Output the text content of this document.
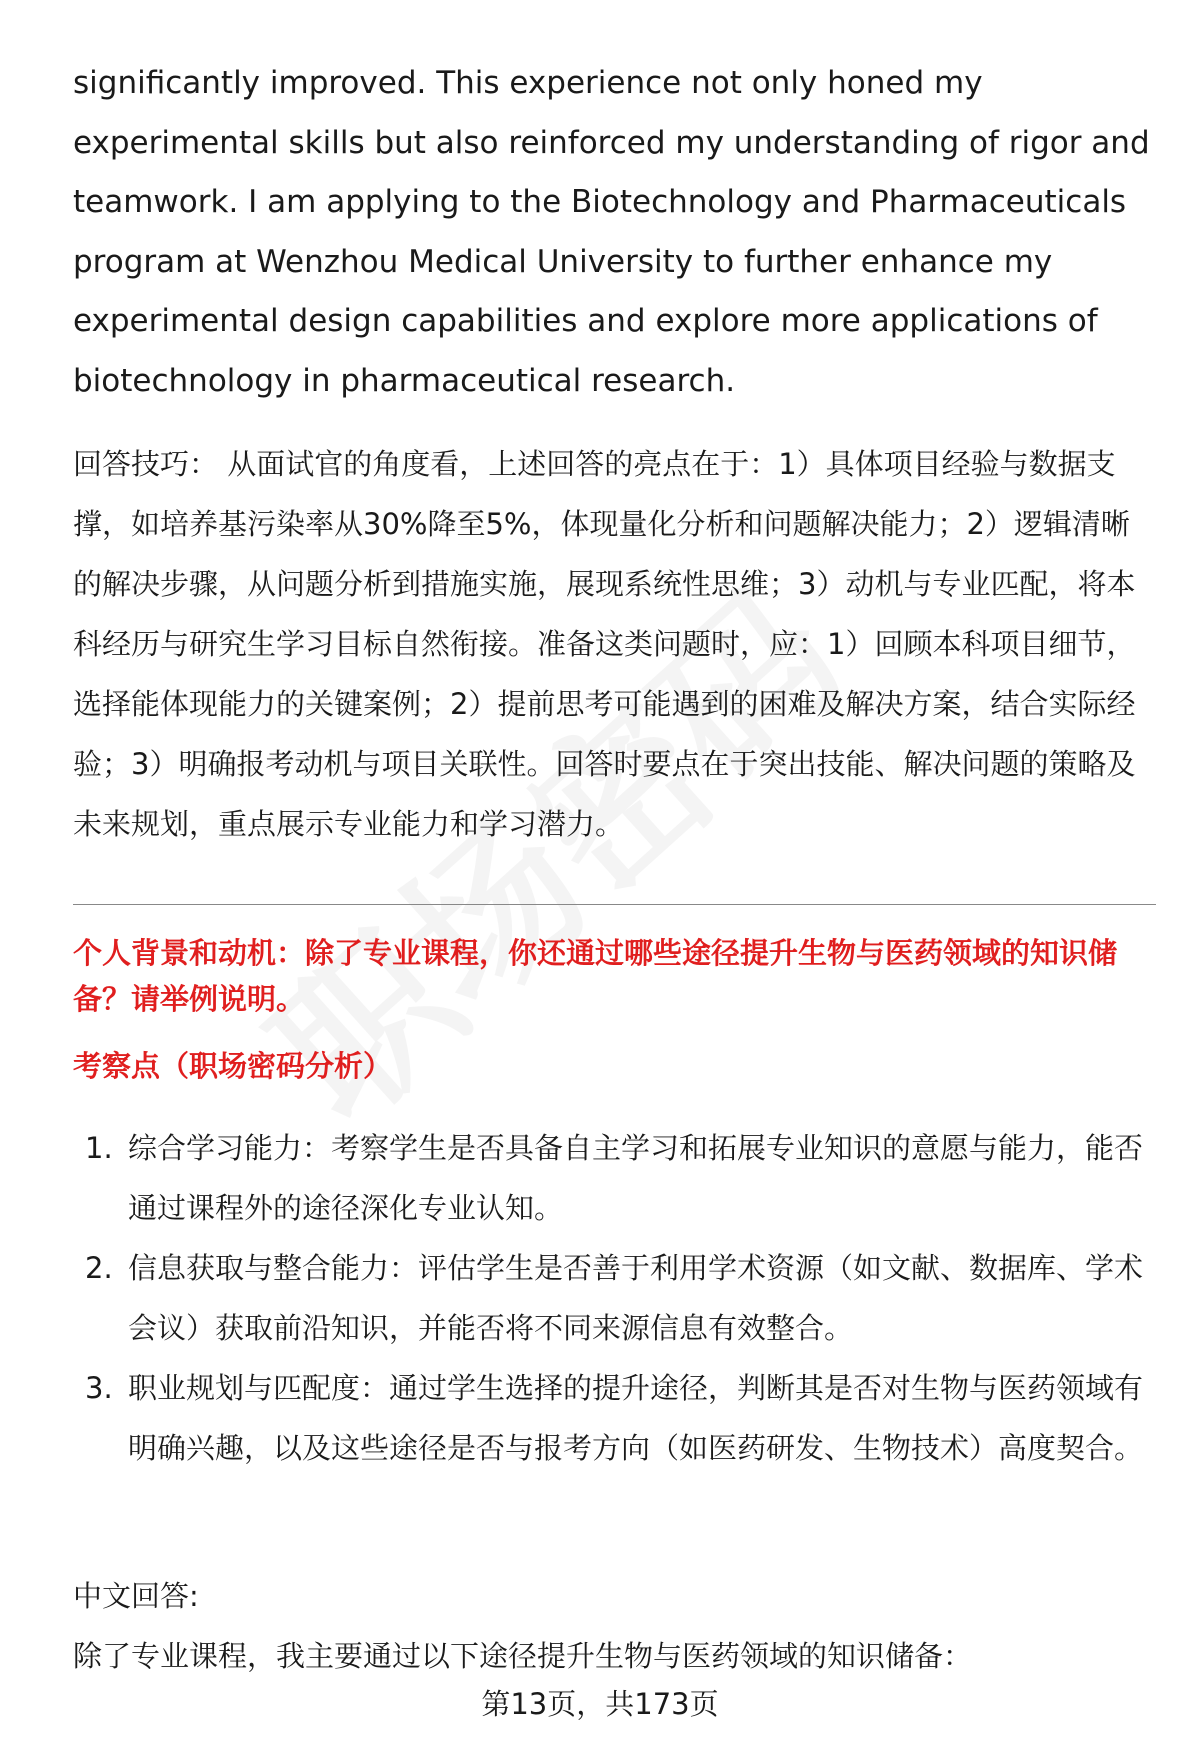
significantly improved. This experience not only honed my experimental skills but also reinforced my understanding of rigor and teamwork. I am applying to the Biotechnology and Pharmaceuticals program at Wenzhou Medical University to further enhance my experimental design capabilities and explore more applications of biotechnology in pharmaceutical research.

回答技巧： 从面试官的角度看，上述回答的亮点在于：1）具体项目经验与数据支撑，如培养基污染率从30%降至5%，体现量化分析和问题解决能力；2）逻辑清晰的解决步骤，从问题分析到措施实施，展现系统性思维；3）动机与专业匹配，将本科经历与研究生学习目标自然衔接。准备这类问题时，应：1）回顾本科项目细节，选择能体现能力的关键案例；2）提前思考可能遇到的困难及解决方案，结合实际经验；3）明确报考动机与项目关联性。回答时要点在于突出技能、解决问题的策略及未来规划，重点展示专业能力和学习潜力。

个人背景和动机：除了专业课程，你还通过哪些途径提升生物与医药领域的知识储备？请举例说明。

考察点（职场密码分析）

1. 综合学习能力：考察学生是否具备自主学习和拓展专业知识的意愿与能力，能否通过课程外的途径深化专业认知。
2. 信息获取与整合能力：评估学生是否善于利用学术资源（如文献、数据库、学术会议）获取前沿知识，并能否将不同来源信息有效整合。
3. 职业规划与匹配度：通过学生选择的提升途径，判断其是否对生物与医药领域有明确兴趣，以及这些途径是否与报考方向（如医药研发、生物技术）高度契合。

中文回答:

除了专业课程，我主要通过以下途径提升生物与医药领域的知识储备：

第13页，共173页
